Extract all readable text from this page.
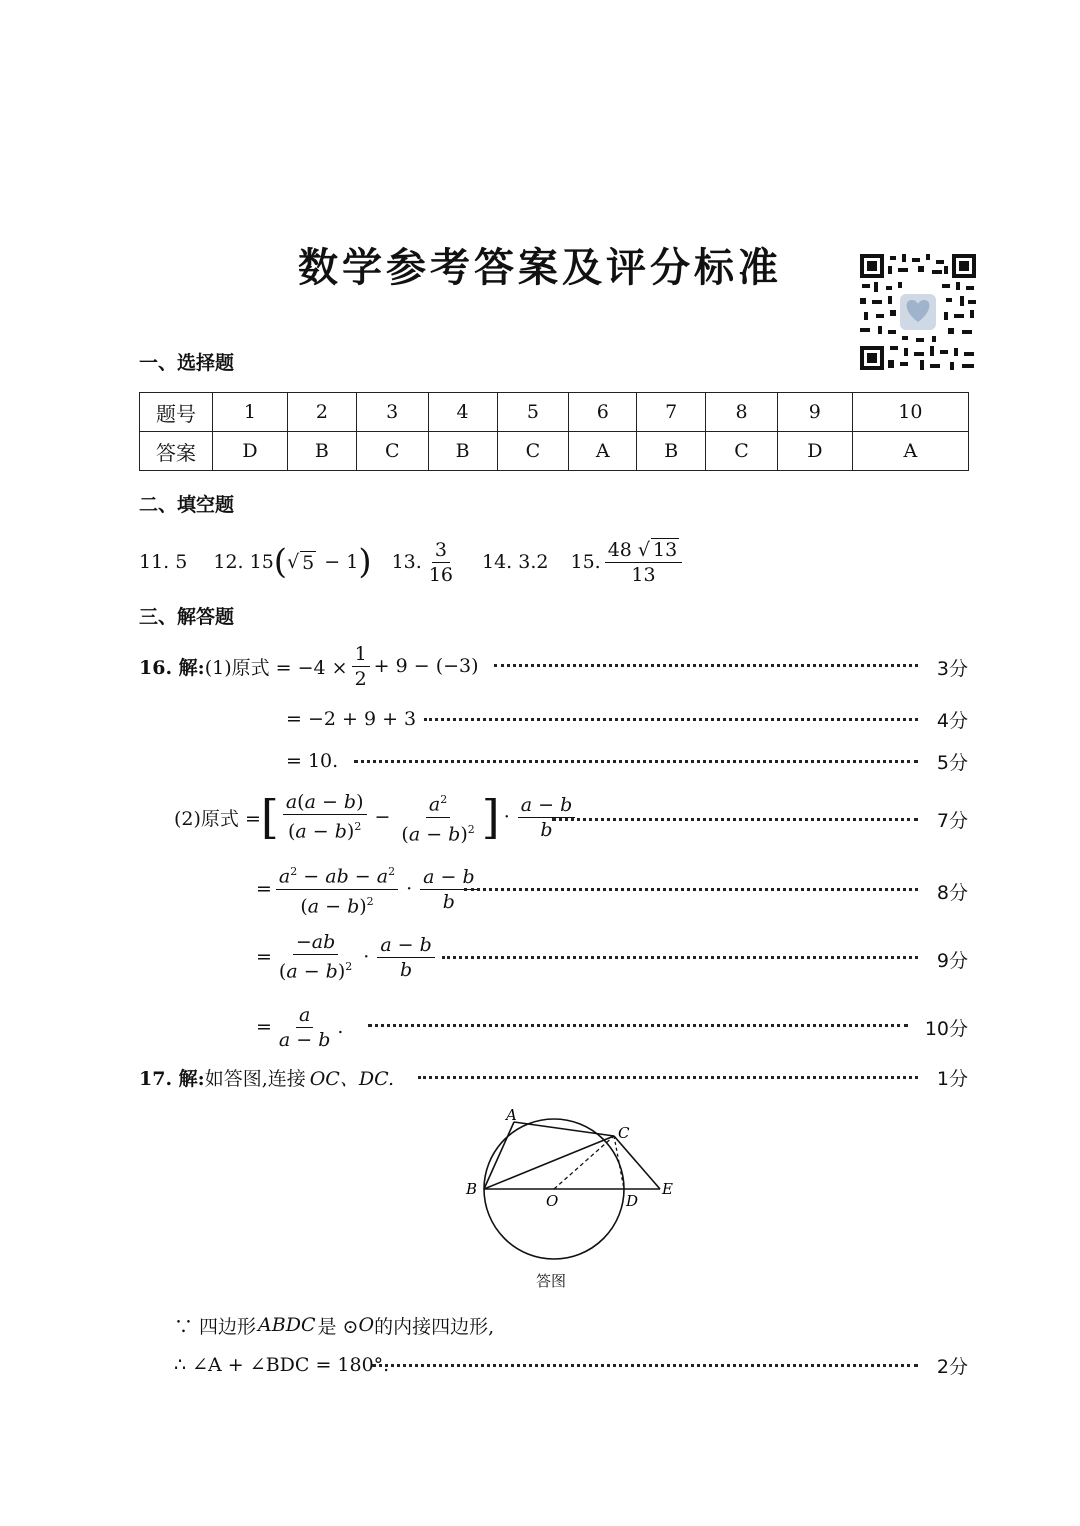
数学参考答案及评分标准
一、选择题
题号	1	2	3	4	5	6	7	8	9	10
答案	D	B	C	B	C	A	B	C	D	A
二、填空题
11. 5 12. 15 ( √ 5 − 1 ) 13. $\frac{3}{16} 14$. 3.2 15. $\frac{48 √ 13}{13}$
三、解答题
16. 解: (1)原式 = $-4 \times \frac{1}{2} + 9 - (-3)$	3分
= −2 + 9 + 3	4分
= 10.	5分
(2)原式 = [ $\frac{a(a - b)}{(a - b)^2} - \frac{a^2}{(a - b)^2}$ ] · $\frac{a - b}{b}$	7分
= $\frac{a^2 - ab - a^2}{(a - b)^2} \cdot \frac{a - b}{b}$	8分
= $\frac{-ab}{(a - b)^2} \cdot \frac{a - b}{b}$	9分
= $\frac{a}{a - b}$ .	10分
17. 解: 如答图,连接 OC、DC.	1分
A
B
C
D
E
O
答图
∵ 四边形 ABDC 是 ⊙ O 的内接四边形,
∴ ∠A + ∠BDC = 180°.	2分
